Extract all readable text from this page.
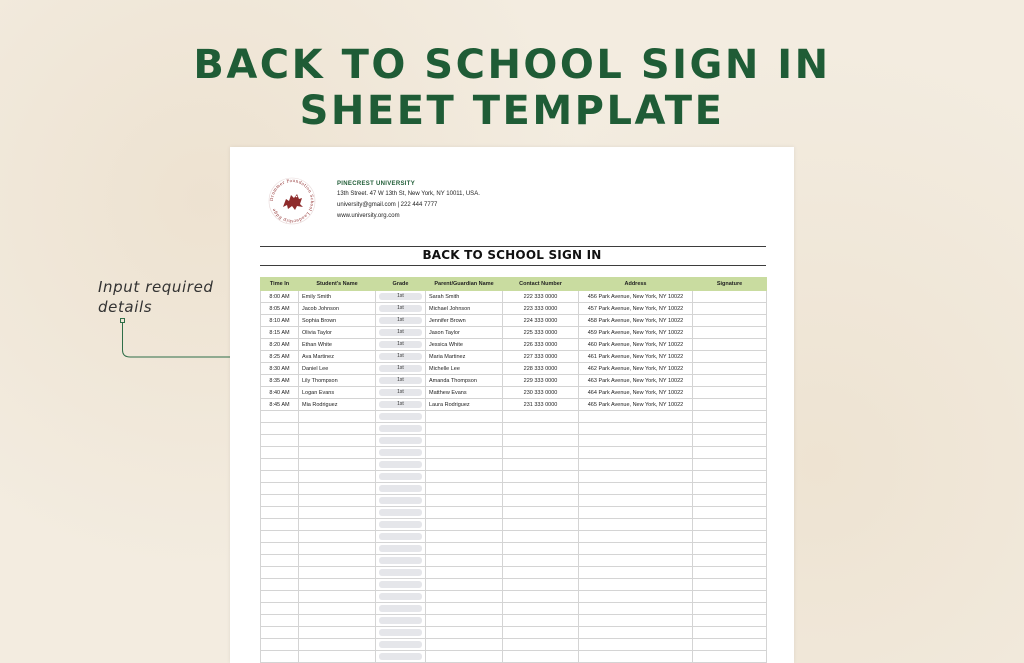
BACK TO SCHOOL SIGN IN
SHEET TEMPLATE
Input required
details
Drummer Foundation School Leadership Edge
PINECREST UNIVERSITY
13th Street. 47 W 13th St, New York, NY 10011, USA.
university@gmail.com | 222 444 7777
www.university.org.com
BACK TO SCHOOL SIGN IN
Time In	Student's Name	Grade	Parent/Guardian Name	Contact Number	Address	Signature
8:00 AM	Emily Smith	1st	Sarah Smith	222 333 0000	456 Park Avenue, New York, NY 10022	
8:05 AM	Jacob Johnson	1st	Michael Johnson	223 333 0000	457 Park Avenue, New York, NY 10022	
8:10 AM	Sophia Brown	1st	Jennifer Brown	224 333 0000	458 Park Avenue, New York, NY 10022	
8:15 AM	Olivia Taylor	1st	Jason Taylor	225 333 0000	459 Park Avenue, New York, NY 10022	
8:20 AM	Ethan White	1st	Jessica White	226 333 0000	460 Park Avenue, New York, NY 10022	
8:25 AM	Ava Martinez	1st	Maria Martinez	227 333 0000	461 Park Avenue, New York, NY 10022	
8:30 AM	Daniel Lee	1st	Michelle Lee	228 333 0000	462 Park Avenue, New York, NY 10022	
8:35 AM	Lily Thompson	1st	Amanda Thompson	229 333 0000	463 Park Avenue, New York, NY 10022	
8:40 AM	Logan Evans	1st	Matthew Evans	230 333 0000	464 Park Avenue, New York, NY 10022	
8:45 AM	Mia Rodriguez	1st	Laura Rodriguez	231 333 0000	465 Park Avenue, New York, NY 10022	
